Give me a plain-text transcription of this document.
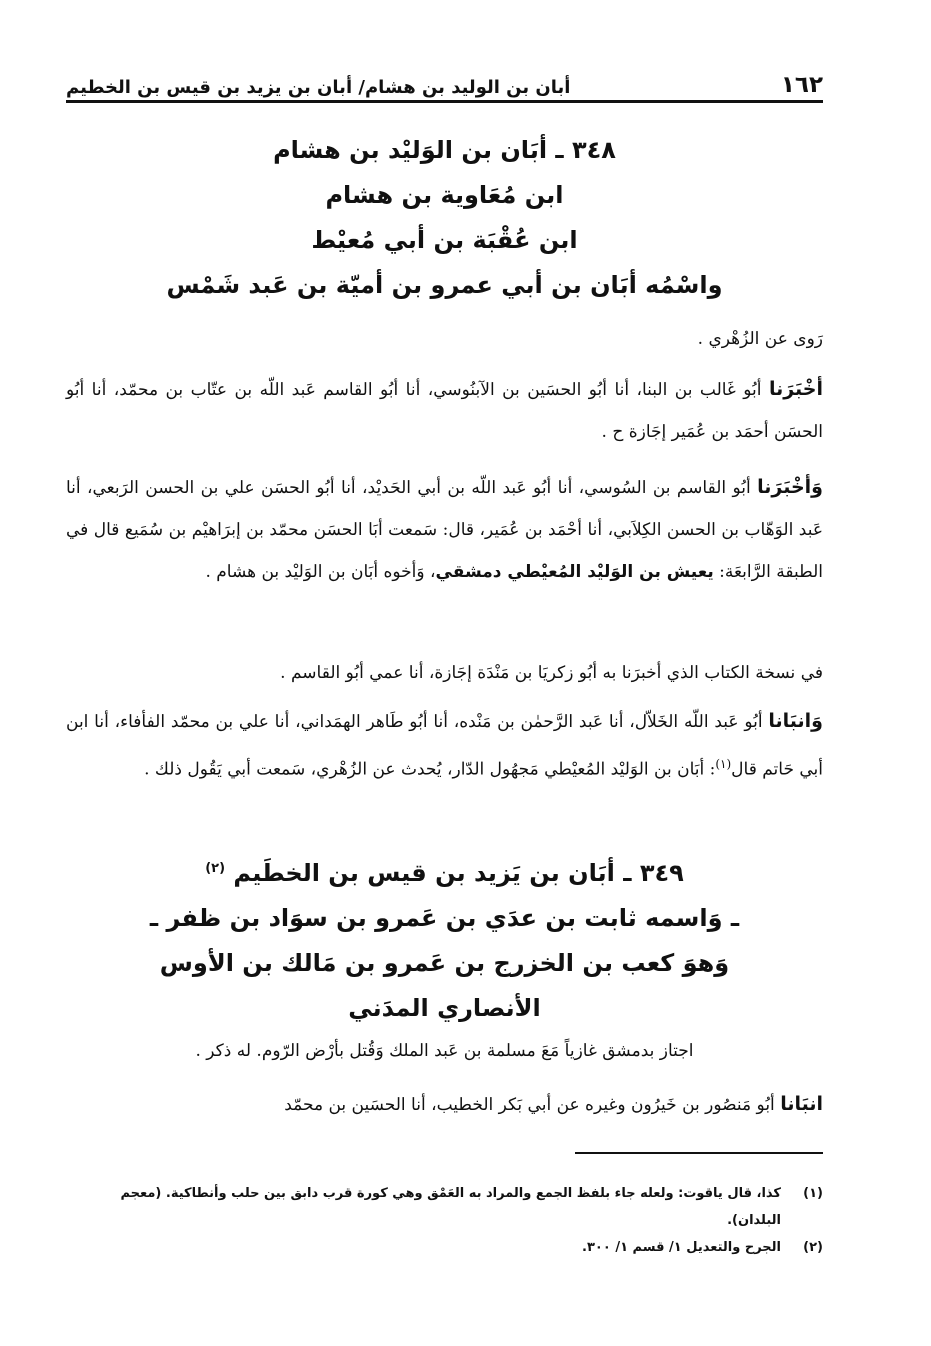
١٦٢
أبان بن الوليد بن هشام/ أبان بن يزيد بن قيس بن الخطيم
٣٤٨ ـ أبَان بن الوَليْد بن هشام
ابن مُعَاوية بن هشام
ابن عُقْبَة بن أبي مُعيْط
واسْمُه أبَان بن أبي عمرو بن أميّة بن عَبد شَمْس
رَوى عن الزُهْري .
أخْبَرَنا أبُو غَالب بن البنا، أنا أبُو الحسَين بن الآبنُوسي، أنا أبُو القاسم عَبد اللّه بن عتّاب بن محمّد، أنا أبُو الحسَن أحمَد بن عُمَير إجَازة ح .
وَأخْبَرَنا أبُو القاسم بن السُوسي، أنا أبُو عَبد اللّه بن أبي الحَديْد، أنا أبُو الحسَن علي بن الحسن الرَبعي، أنا عَبد الوَهّاب بن الحسن الكِلاَبي، أنا أحْمَد بن عُمَير، قال: سَمعت أبَا الحسَن محمّد بن إبرَاهيْم بن سُمَيع قال في الطبقة الرَّابعَة: يعيش بن الوَليْد المُعيْطي دمشقي، وَأخوه أبَان بن الوَليْد بن هشام .
في نسخة الكتاب الذي أخبرَنا به أبُو زكريَا بن مَنْدَة إجَازة، أنا عمي أبُو القاسم .
وَانبَانا أبُو عَبد اللّه الخَلاّل، أنا عَبد الرَّحمٰن بن مَنْده، أنا أبُو طَاهر الهمَداني، أنا علي بن محمّد الفأفاء، أنا ابن أبي حَاتم قال$^{(١)}$: أبَان بن الوَليْد المُعيْطي مَجهُول الدّار، يُحدث عن الزُهْري، سَمعت أبي يَقُول ذلك .
٣٤٩ ـ أبَان بن يَزيد بن قيس بن الخطَيم $^{(٢)}$
ـ وَاسمه ثابت بن عدَي بن عَمرو بن سوَاد بن ظفر ـ
وَهوَ كعب بن الخزرج بن عَمرو بن مَالك بن الأوس
الأنصاري المدَني
اجتاز بدمشق غازياً مَعَ مسلمة بن عَبد الملك وَقُتل بأرْض الرّوم. له ذكر .
انبَانا أبُو مَنصُور بن خَيرُون وغيره عن أبي بَكر الخطيب، أنا الحسَين بن محمّد
(١)
كذا، قال ياقوت: ولعله جاء بلفظ الجمع والمراد به العَمْق وهي كورة قرب دابق بين حلب وأنطاكية. (معجم البلدان).
(٢)
الجرح والتعديل ١/ قسم ١/ ٣٠٠.
